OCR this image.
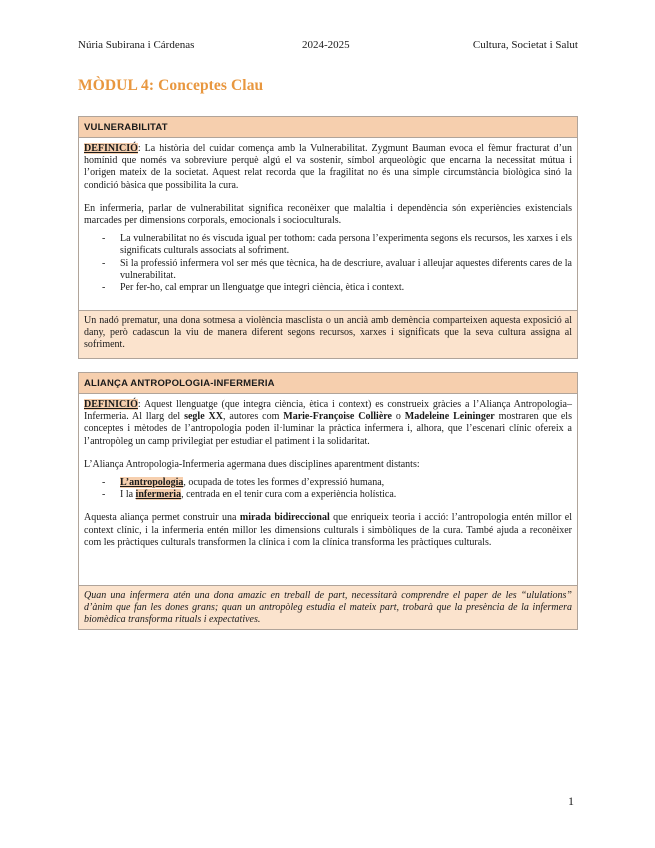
Núria Subirana i Cárdenas	2024-2025	Cultura, Societat i Salut
MÒDUL 4: Conceptes Clau
VULNERABILITAT

DEFINICIÓ: La història del cuidar comença amb la Vulnerabilitat. Zygmunt Bauman evoca el fèmur fracturat d’un homínid que només va sobreviure perquè algú el va sostenir, símbol arqueològic que encarna la necessitat mútua i l’origen mateix de la societat. Aquest relat recorda que la fragilitat no és una simple circumstància biològica sinó la condició bàsica que possibilita la cura.

En infermeria, parlar de vulnerabilitat significa reconèixer que malaltia i dependència són experiències existencials marcades per dimensions corporals, emocionals i socioculturals.

- La vulnerabilitat no és viscuda igual per tothom: cada persona l’experimenta segons els recursos, les xarxes i els significats culturals associats al sofriment.
- Si la professió infermera vol ser més que tècnica, ha de descriure, avaluar i alleujar aquestes diferents cares de la vulnerabilitat.
- Per fer-ho, cal emprar un llenguatge que integri ciència, ètica i context.
Un nadó prematur, una dona sotmesa a violència masclista o un ancià amb demència comparteixen aquesta exposició al dany, però cadascun la viu de manera diferent segons recursos, xarxes i significats que la seva cultura assigna al sofriment.
ALIANÇA ANTROPOLOGIA-INFERMERIA

DEFINICIÓ: Aquest llenguatge (que integra ciència, ètica i context) es construeix gràcies a l’Aliança Antropologia–Infermeria. Al llarg del segle XX, autores com Marie-Françoise Collière o Madeleine Leininger mostraren que els conceptes i mètodes de l’antropologia poden il·luminar la pràctica infermera i, alhora, que l’escenari clínic ofereix a l’antropòleg un camp privilegiat per estudiar el patiment i la solidaritat.

L’Aliança Antropologia-Infermeria agermana dues disciplines aparentment distants:

- L’antropologia, ocupada de totes les formes d’expressió humana,
- I la infermeria, centrada en el tenir cura com a experiència holística.

Aquesta aliança permet construir una mirada bidireccional que enriqueix teoria i acció: l’antropologia entén millor el context clínic, i la infermeria entén millor les dimensions culturals i simbòliques de la cura. També ajuda a reconèixer com les pràctiques culturals transformen la clínica i com la clínica transforma les pràctiques culturals.

Quan una infermera atén una dona amazic en treball de part, necessitarà comprendre el paper de les “ululations” d’ànim que fan les dones grans; quan un antropòleg estudia el mateix part, trobarà que la presència de la infermera biomèdica transforma rituals i expectatives.
1
